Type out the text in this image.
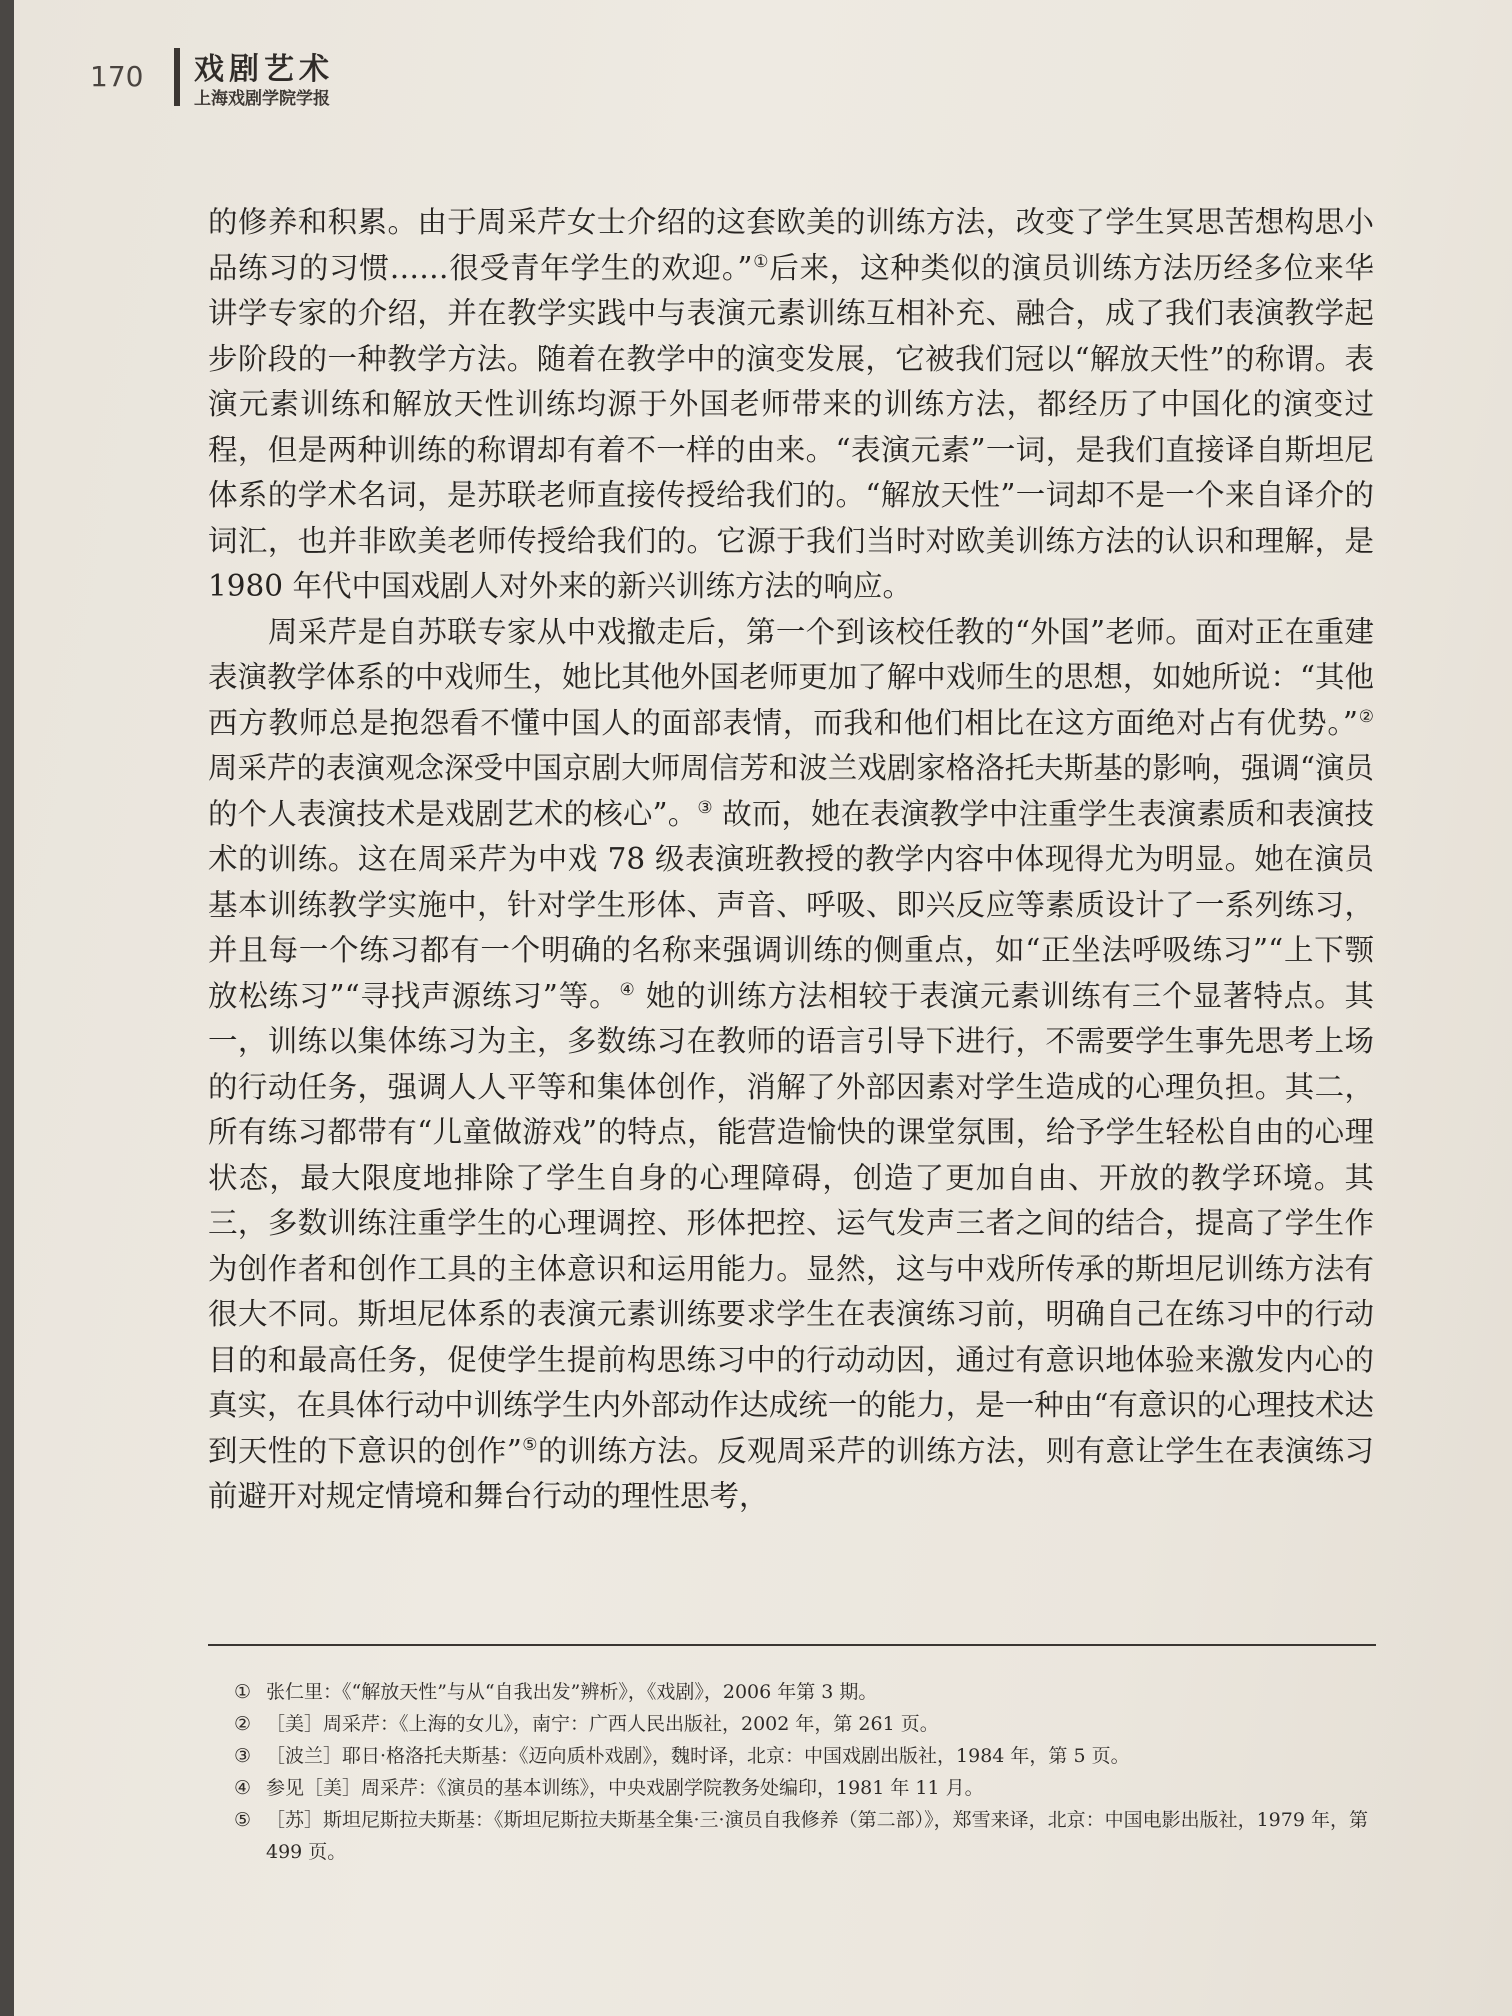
170 戏剧艺术
上海戏剧学院学报

的修养和积累。由于周采芹女士介绍的这套欧美的训练方法，改变了学生冥思苦想构思小品练习的习惯……很受青年学生的欢迎。”①后来，这种类似的演员训练方法历经多位来华讲学专家的介绍，并在教学实践中与表演元素训练互相补充、融合，成了我们表演教学起步阶段的一种教学方法。随着在教学中的演变发展，它被我们冠以“解放天性”的称谓。表演元素训练和解放天性训练均源于外国老师带来的训练方法，都经历了中国化的演变过程，但是两种训练的称谓却有着不一样的由来。“表演元素”一词，是我们直接译自斯坦尼体系的学术名词，是苏联老师直接传授给我们的。“解放天性”一词却不是一个来自译介的词汇，也并非欧美老师传授给我们的。它源于我们当时对欧美训练方法的认识和理解，是 1980 年代中国戏剧人对外来的新兴训练方法的响应。

周采芹是自苏联专家从中戏撤走后，第一个到该校任教的“外国”老师。面对正在重建表演教学体系的中戏师生，她比其他外国老师更加了解中戏师生的思想，如她所说：“其他西方教师总是抱怨看不懂中国人的面部表情，而我和他们相比在这方面绝对占有优势。”②周采芹的表演观念深受中国京剧大师周信芳和波兰戏剧家格洛托夫斯基的影响，强调“演员的个人表演技术是戏剧艺术的核心”。③ 故而，她在表演教学中注重学生表演素质和表演技术的训练。这在周采芹为中戏 78 级表演班教授的教学内容中体现得尤为明显。她在演员基本训练教学实施中，针对学生形体、声音、呼吸、即兴反应等素质设计了一系列练习，并且每一个练习都有一个明确的名称来强调训练的侧重点，如“正坐法呼吸练习”“上下颚放松练习”“寻找声源练习”等。④ 她的训练方法相较于表演元素训练有三个显著特点。其一，训练以集体练习为主，多数练习在教师的语言引导下进行，不需要学生事先思考上场的行动任务，强调人人平等和集体创作，消解了外部因素对学生造成的心理负担。其二，所有练习都带有“儿童做游戏”的特点，能营造愉快的课堂氛围，给予学生轻松自由的心理状态，最大限度地排除了学生自身的心理障碍，创造了更加自由、开放的教学环境。其三，多数训练注重学生的心理调控、形体把控、运气发声三者之间的结合，提高了学生作为创作者和创作工具的主体意识和运用能力。显然，这与中戏所传承的斯坦尼训练方法有很大不同。斯坦尼体系的表演元素训练要求学生在表演练习前，明确自己在练习中的行动目的和最高任务，促使学生提前构思练习中的行动动因，通过有意识地体验来激发内心的真实，在具体行动中训练学生内外部动作达成统一的能力，是一种由“有意识的心理技术达到天性的下意识的创作”⑤的训练方法。反观周采芹的训练方法，则有意让学生在表演练习前避开对规定情境和舞台行动的理性思考，

① 张仁里：《“解放天性”与从“自我出发”辨析》，《戏剧》，2006 年第 3 期。
② ［美］周采芹：《上海的女儿》，南宁：广西人民出版社，2002 年，第 261 页。
③ ［波兰］耶日·格洛托夫斯基：《迈向质朴戏剧》，魏时译，北京：中国戏剧出版社，1984 年，第 5 页。
④ 参见［美］周采芹：《演员的基本训练》，中央戏剧学院教务处编印，1981 年 11 月。
⑤ ［苏］斯坦尼斯拉夫斯基：《斯坦尼斯拉夫斯基全集·三·演员自我修养（第二部）》，郑雪来译，北京：中国电影出版社，1979 年，第 499 页。
